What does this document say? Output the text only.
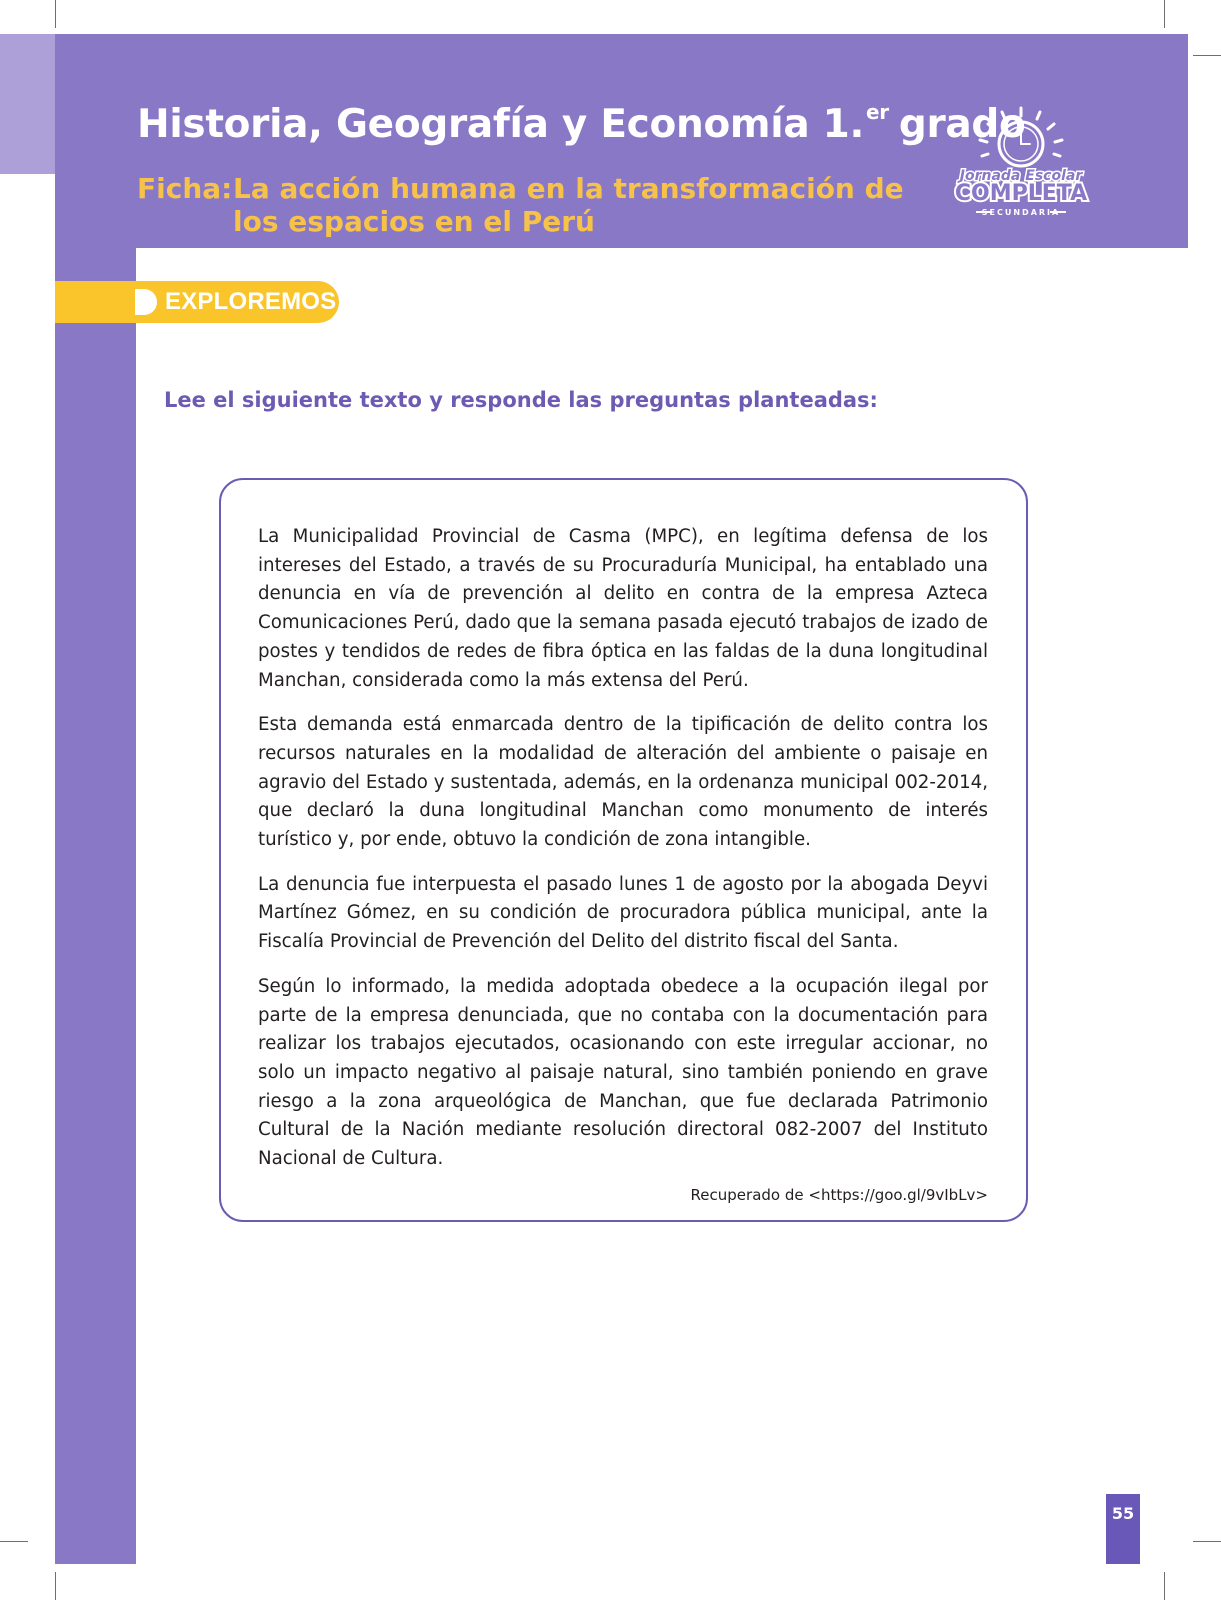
Historia, Geografía y Economía 1. $^{er}$ grado
Ficha:La acción humana en la transformación de
los espacios en el Perú
Jornada Escolar
COMPLETA
SECUNDARIA
EXPLOREMOS
Lee el siguiente texto y responde las preguntas planteadas:

La Municipalidad Provincial de Casma (MPC), en legítima defensa de los intereses del Estado, a través de su Procuraduría Municipal, ha entablado una denuncia en vía de prevención al delito en contra de la empresa Azteca Comunicaciones Perú, dado que la semana pasada ejecutó trabajos de izado de postes y tendidos de redes de fibra óptica en las faldas de la duna longitudinal Manchan, considerada como la más extensa del Perú.

Esta demanda está enmarcada dentro de la tipificación de delito contra los recursos naturales en la modalidad de alteración del ambiente o paisaje en agravio del Estado y sustentada, además, en la ordenanza municipal 002-2014, que declaró la duna longitudinal Manchan como monumento de interés turístico y, por ende, obtuvo la condición de zona intangible.

La denuncia fue interpuesta el pasado lunes 1 de agosto por la abogada Deyvi Martínez Gómez, en su condición de procuradora pública municipal, ante la Fiscalía Provincial de Prevención del Delito del distrito fiscal del Santa.

Según lo informado, la medida adoptada obedece a la ocupación ilegal por parte de la empresa denunciada, que no contaba con la documentación para realizar los trabajos ejecutados, ocasionando con este irregular accionar, no solo un impacto negativo al paisaje natural, sino también poniendo en grave riesgo a la zona arqueológica de Manchan, que fue declarada Patrimonio Cultural de la Nación mediante resolución directoral 082-2007 del Instituto Nacional de Cultura.

Recuperado de <https://goo.gl/9vIbLv>
55
